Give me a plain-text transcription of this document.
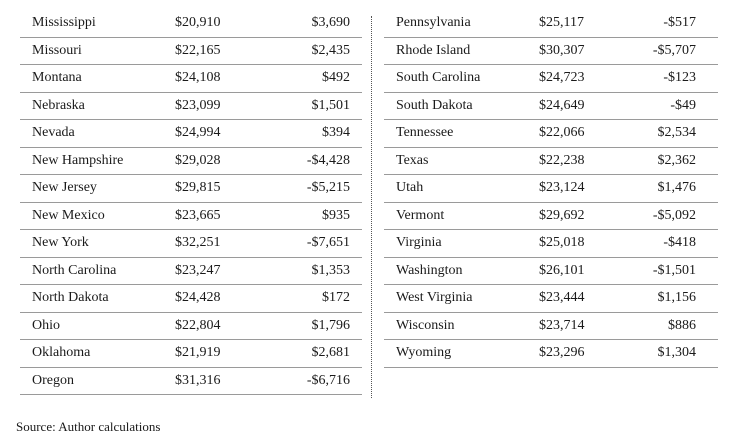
Mississippi	$20,910	$3,690
Missouri	$22,165	$2,435
Montana	$24,108	$492
Nebraska	$23,099	$1,501
Nevada	$24,994	$394
New Hampshire	$29,028	-$4,428
New Jersey	$29,815	-$5,215
New Mexico	$23,665	$935
New York	$32,251	-$7,651
North Carolina	$23,247	$1,353
North Dakota	$24,428	$172
Ohio	$22,804	$1,796
Oklahoma	$21,919	$2,681
Oregon	$31,316	-$6,716
Pennsylvania	$25,117	-$517
Rhode Island	$30,307	-$5,707
South Carolina	$24,723	-$123
South Dakota	$24,649	-$49
Tennessee	$22,066	$2,534
Texas	$22,238	$2,362
Utah	$23,124	$1,476
Vermont	$29,692	-$5,092
Virginia	$25,018	-$418
Washington	$26,101	-$1,501
West Virginia	$23,444	$1,156
Wisconsin	$23,714	$886
Wyoming	$23,296	$1,304
Source: Author calculations
